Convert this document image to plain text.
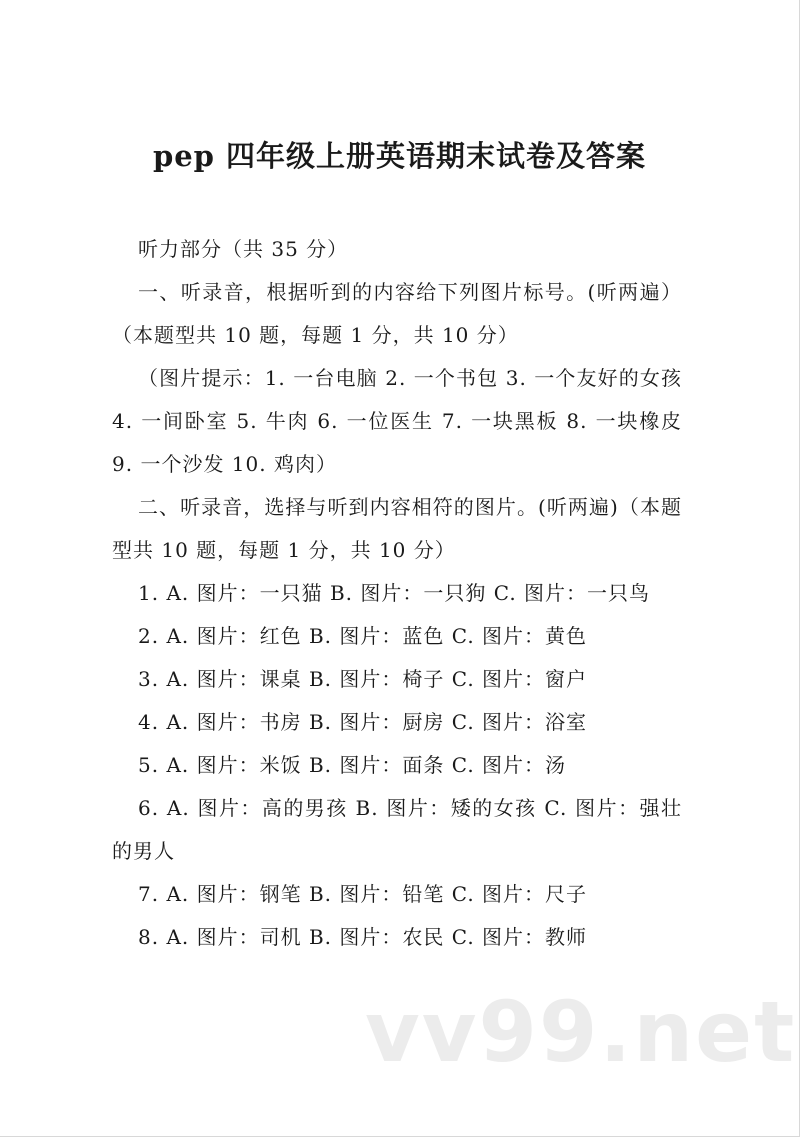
pep 四年级上册英语期末试卷及答案

听力部分（共 35 分）

一、听录音，根据听到的内容给下列图片标号。(听两遍）（本题型共 10 题，每题 1 分，共 10 分）

（图片提示：1. 一台电脑 2. 一个书包 3. 一个友好的女孩 4. 一间卧室 5. 牛肉 6. 一位医生 7. 一块黑板 8. 一块橡皮 9. 一个沙发 10. 鸡肉）

二、听录音，选择与听到内容相符的图片。(听两遍)（本题型共 10 题，每题 1 分，共 10 分）

1. A. 图片：一只猫 B. 图片：一只狗 C. 图片：一只鸟

2. A. 图片：红色 B. 图片：蓝色 C. 图片：黄色

3. A. 图片：课桌 B. 图片：椅子 C. 图片：窗户

4. A. 图片：书房 B. 图片：厨房 C. 图片：浴室

5. A. 图片：米饭 B. 图片：面条 C. 图片：汤

6. A. 图片：高的男孩 B. 图片：矮的女孩 C. 图片：强壮的男人

7. A. 图片：钢笔 B. 图片：铅笔 C. 图片：尺子

8. A. 图片：司机 B. 图片：农民 C. 图片：教师

vv99.net
